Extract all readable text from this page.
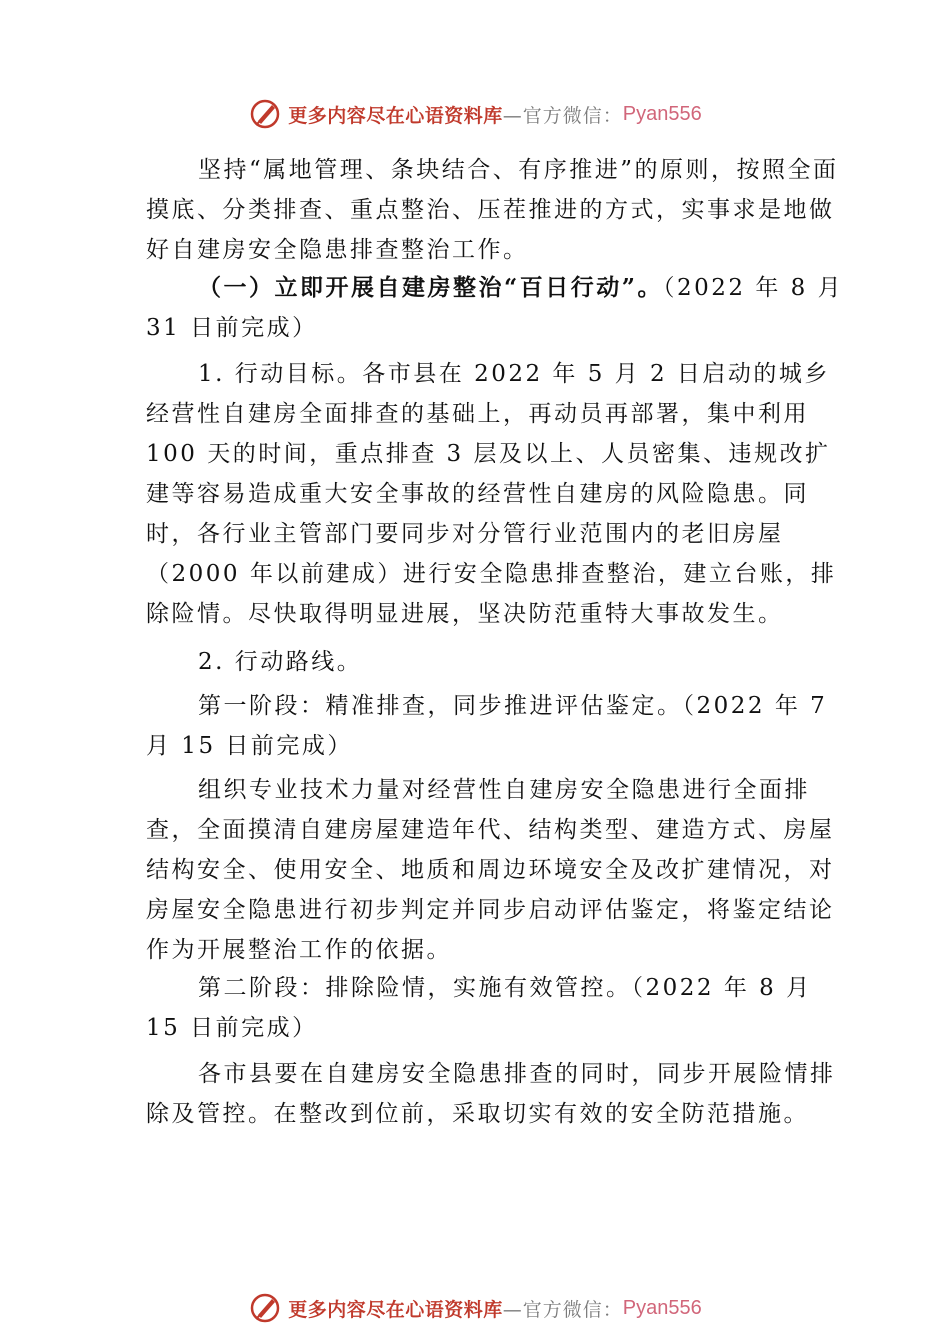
更多内容尽在心语资料库 —官方微信： Pyan556

坚持“属地管理、条块结合、有序推进”的原则，按照全面摸底、分类排查、重点整治、压茬推进的方式，实事求是地做好自建房安全隐患排查整治工作。

（一）立即开展自建房整治“百日行动”。（2022 年 8 月 31 日前完成）

1. 行动目标。各市县在 2022 年 5 月 2 日启动的城乡经营性自建房全面排查的基础上，再动员再部署，集中利用 100 天的时间，重点排查 3 层及以上、人员密集、违规改扩建等容易造成重大安全事故的经营性自建房的风险隐患。同时，各行业主管部门要同步对分管行业范围内的老旧房屋（2000 年以前建成）进行安全隐患排查整治，建立台账，排除险情。尽快取得明显进展，坚决防范重特大事故发生。

2. 行动路线。

第一阶段：精准排查，同步推进评估鉴定。（2022 年 7 月 15 日前完成）

组织专业技术力量对经营性自建房安全隐患进行全面排查，全面摸清自建房屋建造年代、结构类型、建造方式、房屋结构安全、使用安全、地质和周边环境安全及改扩建情况，对房屋安全隐患进行初步判定并同步启动评估鉴定，将鉴定结论作为开展整治工作的依据。

第二阶段：排除险情，实施有效管控。（2022 年 8 月 15 日前完成）

各市县要在自建房安全隐患排查的同时，同步开展险情排除及管控。在整改到位前，采取切实有效的安全防范措施。

更多内容尽在心语资料库 —官方微信： Pyan556
